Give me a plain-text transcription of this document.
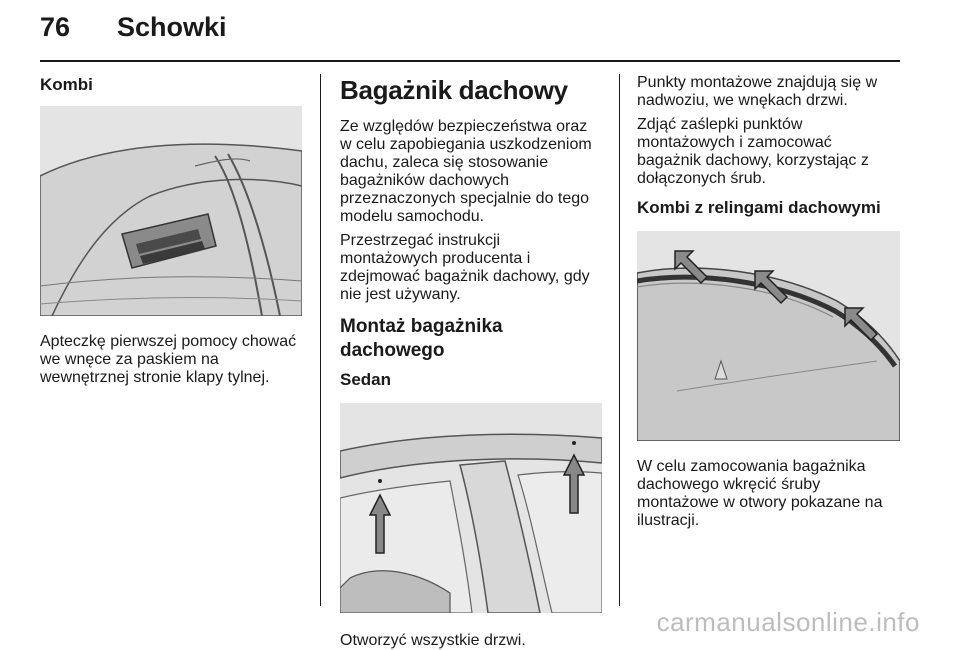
76 Schowki
Kombi

Apteczkę pierwszej pomocy chować we wnęce za paskiem na wewnętrznej stronie klapy tylnej.

Bagażnik dachowy

Ze względów bezpieczeństwa oraz w celu zapobiegania uszkodzeniom dachu, zaleca się stosowanie bagażników dachowych przeznaczonych specjalnie do tego modelu samochodu.

Przestrzegać instrukcji montażowych producenta i zdejmować bagażnik dachowy, gdy nie jest używany.

Montaż bagażnika dachowego
Sedan

Otworzyć wszystkie drzwi.

Punkty montażowe znajdują się w nadwoziu, we wnękach drzwi.

Zdjąć zaślepki punktów montażowych i zamocować bagażnik dachowy, korzystając z dołączonych śrub.

Kombi z relingami dachowymi

W celu zamocowania bagażnika dachowego wkręcić śruby montażowe w otwory pokazane na ilustracji.

carmanualsonline.info
